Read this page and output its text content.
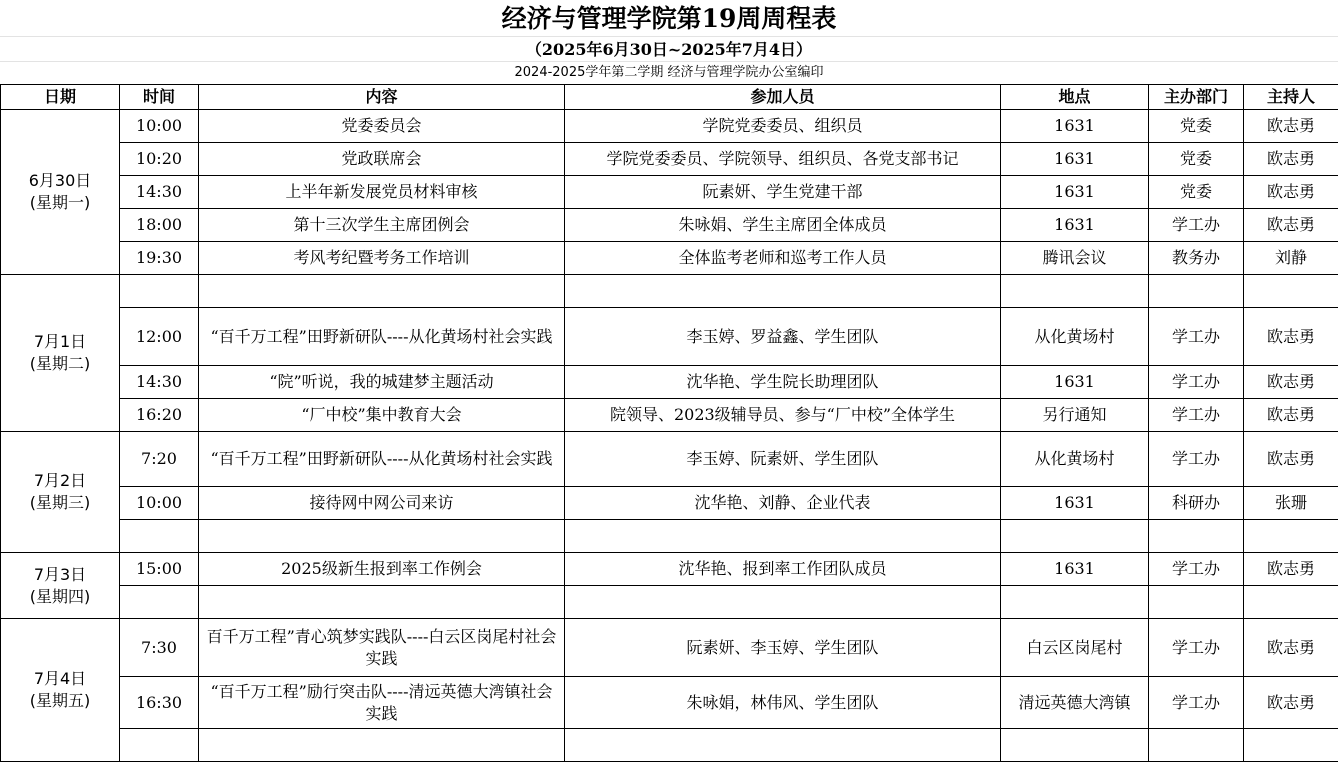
经济与管理学院第19周周程表
（2025年6月30日~2025年7月4日）
2024-2025学年第二学期 经济与管理学院办公室编印
日期	时间	内容	参加人员	地点	主办部门	主持人

6月30日
(星期一)	10:00	党委委员会	学院党委委员、组织员	1631	党委	欧志勇
	10:20	党政联席会	学院党委委员、学院领导、组织员、各党支部书记	1631	党委	欧志勇
	14:30	上半年新发展党员材料审核	阮素妍、学生党建干部	1631	党委	欧志勇
	18:00	第十三次学生主席团例会	朱咏娟、学生主席团全体成员	1631	学工办	欧志勇
	19:30	考风考纪暨考务工作培训	全体监考老师和巡考工作人员	腾讯会议	教务办	刘静

7月1日
(星期二)						

	12:00	“百千万工程”田野新研队----从化黄场村社会实践	李玉婷、罗益鑫、学生团队	从化黄场村	学工办	欧志勇
	14:30	“院”听说，我的城建梦主题活动	沈华艳、学生院长助理团队	1631	学工办	欧志勇
	16:20	“厂中校”集中教育大会	院领导、2023级辅导员、参与“厂中校”全体学生	另行通知	学工办	欧志勇

7月2日
(星期三)	7:20	“百千万工程”田野新研队----从化黄场村社会实践	李玉婷、阮素妍、学生团队	从化黄场村	学工办	欧志勇
	10:00	接待网中网公司来访	沈华艳、刘静、企业代表	1631	科研办	张珊

7月3日
(星期四)	15:00	2025级新生报到率工作例会	沈华艳、报到率工作团队成员	1631	学工办	欧志勇

7月4日
(星期五)	7:30	百千万工程”青心筑梦实践队----白云区岗尾村社会实践	阮素妍、李玉婷、学生团队	白云区岗尾村	学工办	欧志勇
	16:30	“百千万工程”励行突击队----清远英德大湾镇社会实践	朱咏娟，林伟风、学生团队	清远英德大湾镇	学工办	欧志勇
